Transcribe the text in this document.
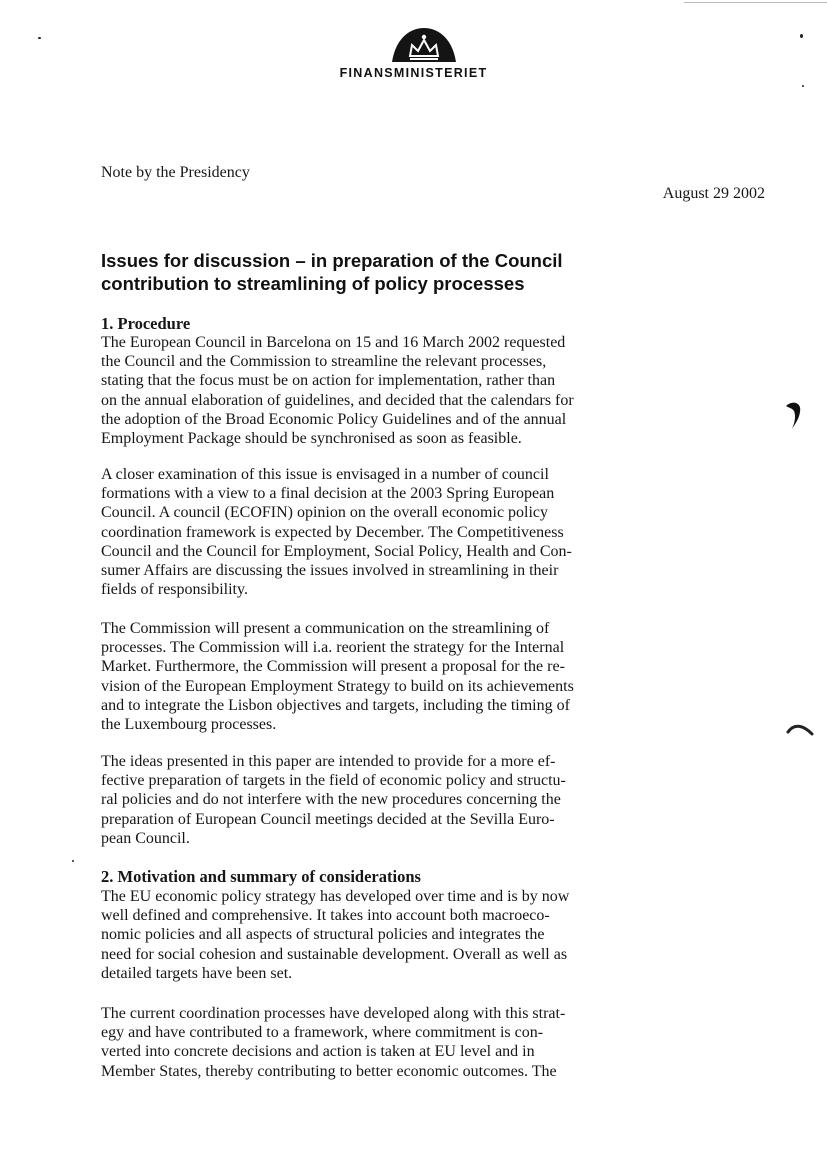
FINANSMINISTERIET
Note by the Presidency
August 29 2002
Issues for discussion – in preparation of the Council
contribution to streamlining of policy processes
1. Procedure

The European Council in Barcelona on 15 and 16 March 2002 requested
the Council and the Commission to streamline the relevant processes,
stating that the focus must be on action for implementation, rather than
on the annual elaboration of guidelines, and decided that the calendars for
the adoption of the Broad Economic Policy Guidelines and of the annual
Employment Package should be synchronised as soon as feasible.

A closer examination of this issue is envisaged in a number of council
formations with a view to a final decision at the 2003 Spring European
Council. A council (ECOFIN) opinion on the overall economic policy
coordination framework is expected by December. The Competitiveness
Council and the Council for Employment, Social Policy, Health and Con-
sumer Affairs are discussing the issues involved in streamlining in their
fields of responsibility.

The Commission will present a communication on the streamlining of
processes. The Commission will i.a. reorient the strategy for the Internal
Market. Furthermore, the Commission will present a proposal for the re-
vision of the European Employment Strategy to build on its achievements
and to integrate the Lisbon objectives and targets, including the timing of
the Luxembourg processes.

The ideas presented in this paper are intended to provide for a more ef-
fective preparation of targets in the field of economic policy and structu-
ral policies and do not interfere with the new procedures concerning the
preparation of European Council meetings decided at the Sevilla Euro-
pean Council.

2. Motivation and summary of considerations

The EU economic policy strategy has developed over time and is by now
well defined and comprehensive. It takes into account both macroeco-
nomic policies and all aspects of structural policies and integrates the
need for social cohesion and sustainable development. Overall as well as
detailed targets have been set.

The current coordination processes have developed along with this strat-
egy and have contributed to a framework, where commitment is con-
verted into concrete decisions and action is taken at EU level and in
Member States, thereby contributing to better economic outcomes. The
